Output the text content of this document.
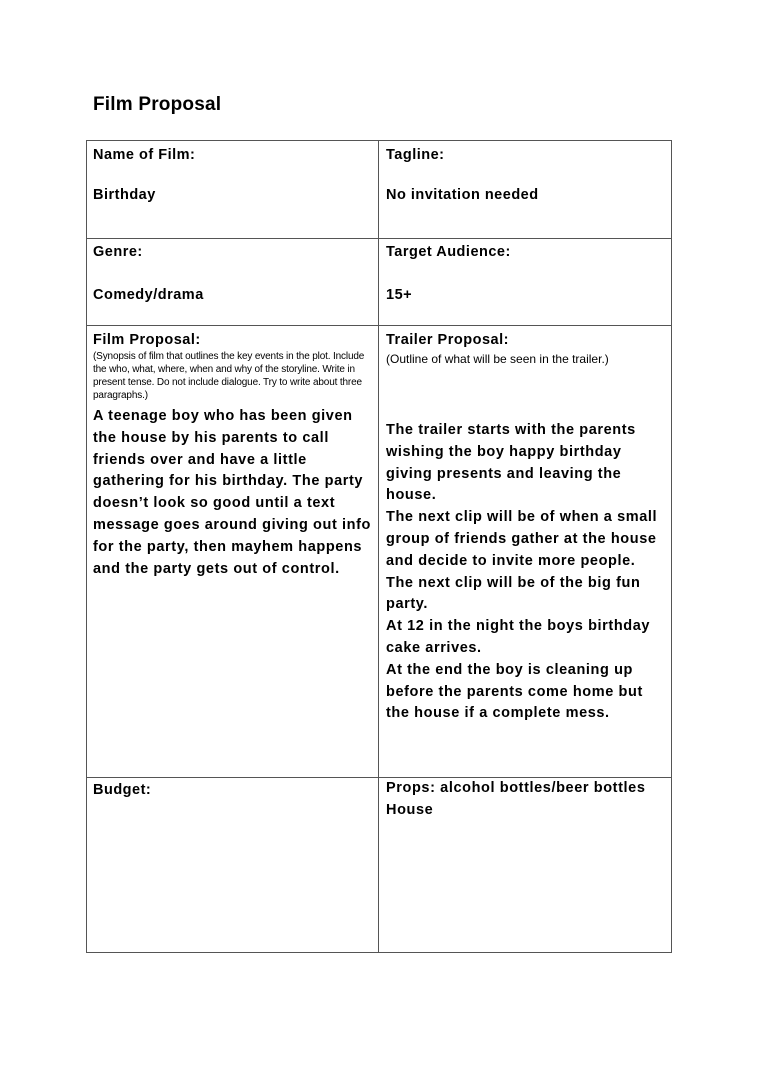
Film Proposal
Name of Film:
Birthday
Tagline:
No invitation needed
Genre:
Comedy/drama
Target Audience:
15+
Film Proposal:
(Synopsis of film that outlines the key events in the plot. Include the who, what, where, when and why of the storyline. Write in present tense. Do not include dialogue. Try to write about three paragraphs.)
A teenage boy who has been given the house by his parents to call friends over and have a little gathering for his birthday. The party doesn’t look so good until a text message goes around giving out info for the party, then mayhem happens and the party gets out of control.
Trailer Proposal:
(Outline of what will be seen in the trailer.)
The trailer starts with the parents wishing the boy happy birthday giving presents and leaving the house.
The next clip will be of when a small group of friends gather at the house and decide to invite more people.
The next clip will be of the big fun party.
At 12 in the night the boys birthday cake arrives.
At the end the boy is cleaning up before the parents come home but the house if a complete mess.
Budget:	Props: alcohol bottles/beer bottles
House
